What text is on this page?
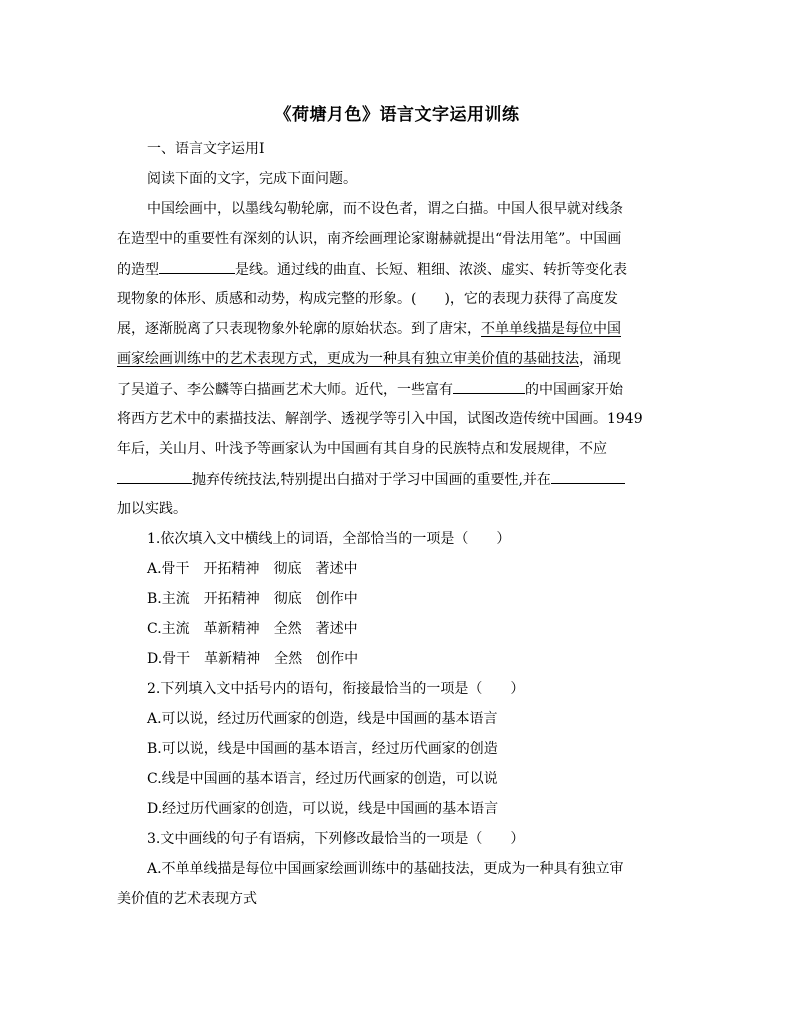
《荷塘月色》语言文字运用训练
一、语言文字运用Ⅰ
阅读下面的文字，完成下面问题。
中国绘画中，以墨线勾勒轮廓，而不设色者，谓之白描。中国人很早就对线条
在造型中的重要性有深刻的认识，南齐绘画理论家谢赫就提出“骨法用笔”。中国画
的造型	是线。通过线的曲直、长短、粗细、浓淡、虚实、转折等变化表
现物象的体形、质感和动势，构成完整的形象。(　　)，它的表现力获得了高度发
展，逐渐脱离了只表现物象外轮廓的原始状态。到了唐宋，不单单线描是每位中国
画家绘画训练中的艺术表现方式，更成为一种具有独立审美价值的基础技法，涌现
了吴道子、李公麟等白描画艺术大师。近代，一些富有	的中国画家开始
将西方艺术中的素描技法、解剖学、透视学等引入中国，试图改造传统中国画。1949
年后，关山月、叶浅予等画家认为中国画有其自身的民族特点和发展规律，不应
抛弃传统技法,特别提出白描对于学习中国画的重要性,并在
加以实践。
1.依次填入文中横线上的词语，全部恰当的一项是（　　）
A.骨干　开拓精神　彻底　著述中
B.主流　开拓精神　彻底　创作中
C.主流　革新精神　全然　著述中
D.骨干　革新精神　全然　创作中
2.下列填入文中括号内的语句，衔接最恰当的一项是（　　）
A.可以说，经过历代画家的创造，线是中国画的基本语言
B.可以说，线是中国画的基本语言，经过历代画家的创造
C.线是中国画的基本语言，经过历代画家的创造，可以说
D.经过历代画家的创造，可以说，线是中国画的基本语言
3.文中画线的句子有语病，下列修改最恰当的一项是（　　）
A.不单单线描是每位中国画家绘画训练中的基础技法，更成为一种具有独立审
美价值的艺术表现方式
